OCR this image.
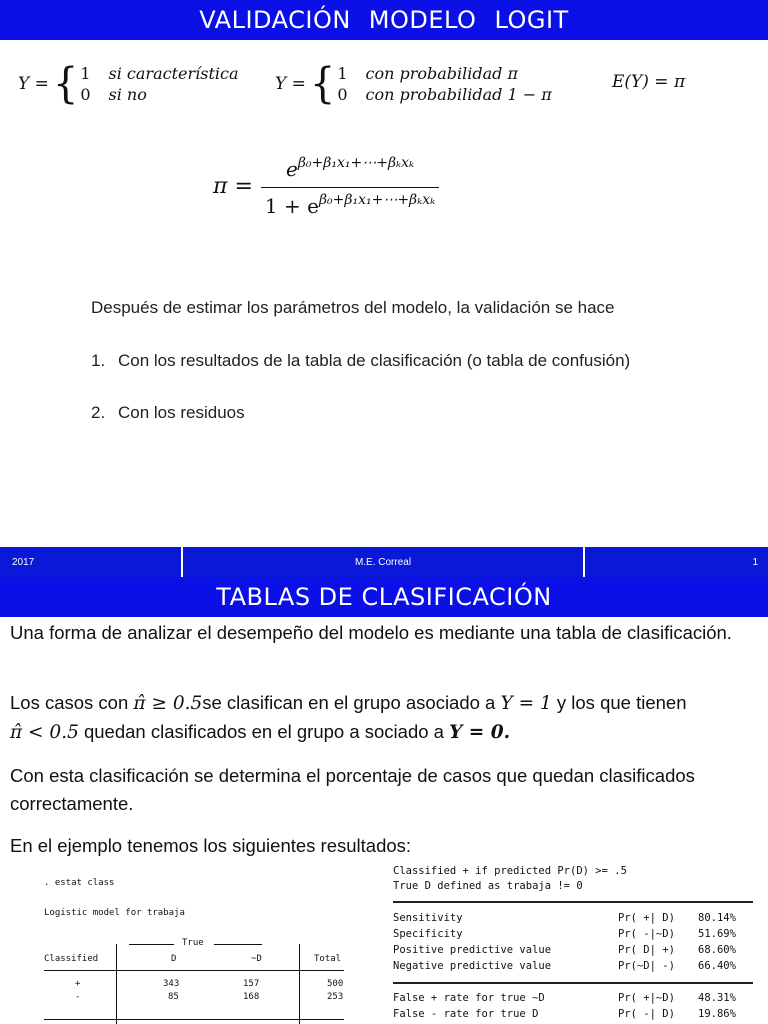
VALIDACIÓN MODELO LOGIT
Y = { 1 si característica
0 si no
Y = { 1 con probabilidad π
0 con probabilidad 1 − π
E(Y) = π
$\pi = \frac{e^{\beta_0+\beta_1x_1+\cdots+\beta_kx_k}}{1 + e^{\beta_0+\beta_1x_1+\cdots+\beta_kx_k}}$
Después de estimar los parámetros del modelo, la validación se hace
1. Con los resultados de la tabla de clasificación (o tabla de confusión)
2. Con los residuos
2017	M.E. Correal	1
TABLAS DE CLASIFICACIÓN
Una forma de analizar el desempeño del modelo es mediante una tabla de clasificación.
Los casos con π̂ ≥ 0.5se clasifican en el grupo asociado a Y = 1 y los que tienen
π̂ < 0.5 quedan clasificados en el grupo a sociado a Y = 0.
Con esta clasificación se determina el porcentaje de casos que quedan clasificados correctamente.
En el ejemplo tenemos los siguientes resultados:
. estat class
Logistic model for trabaja
True
Classified	D	~D	Total
+	343	157	500
-	85	168	253
Classified + if predicted Pr(D) >= .5
True D defined as trabaja != 0
Sensitivity	Pr( +| D) 80.14%
Specificity	Pr( -|~D) 51.69%
Positive predictive value	Pr( D| +) 68.60%
Negative predictive value	Pr(~D| -) 66.40%
False + rate for true ~D	Pr( +|~D) 48.31%
False - rate for true D	Pr( -| D) 19.86%
